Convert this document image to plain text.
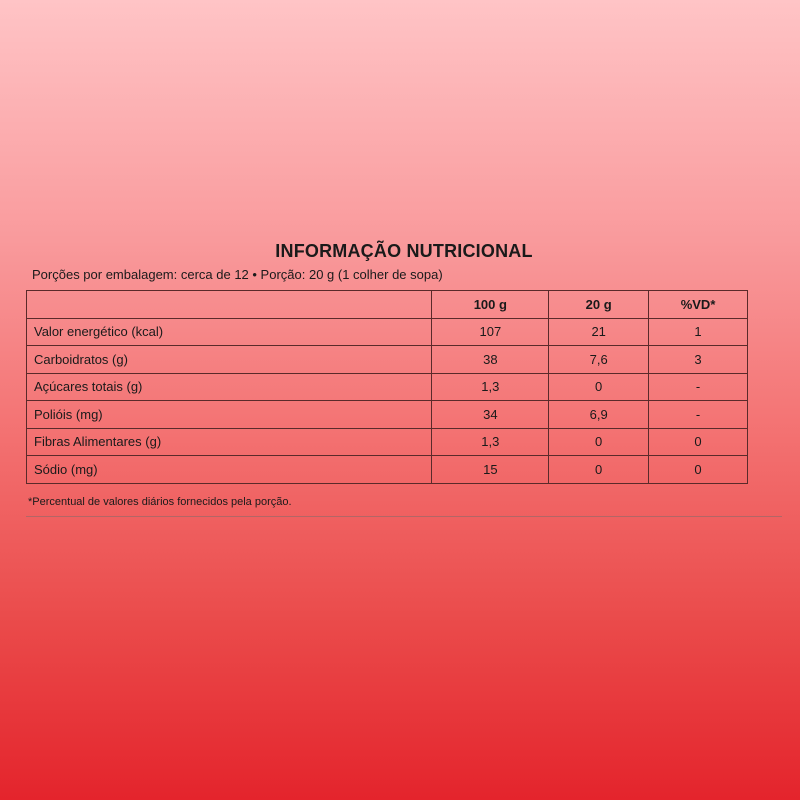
INFORMAÇÃO NUTRICIONAL
Porções por embalagem: cerca de 12 • Porção: 20 g (1 colher de sopa)
	100 g	20 g	%VD*
Valor energético (kcal)	107	21	1
Carboidratos (g)	38	7,6	3
Açúcares totais (g)	1,3	0	-
Polióis (mg)	34	6,9	-
Fibras Alimentares (g)	1,3	0	0
Sódio (mg)	15	0	0
*Percentual de valores diários fornecidos pela porção.
